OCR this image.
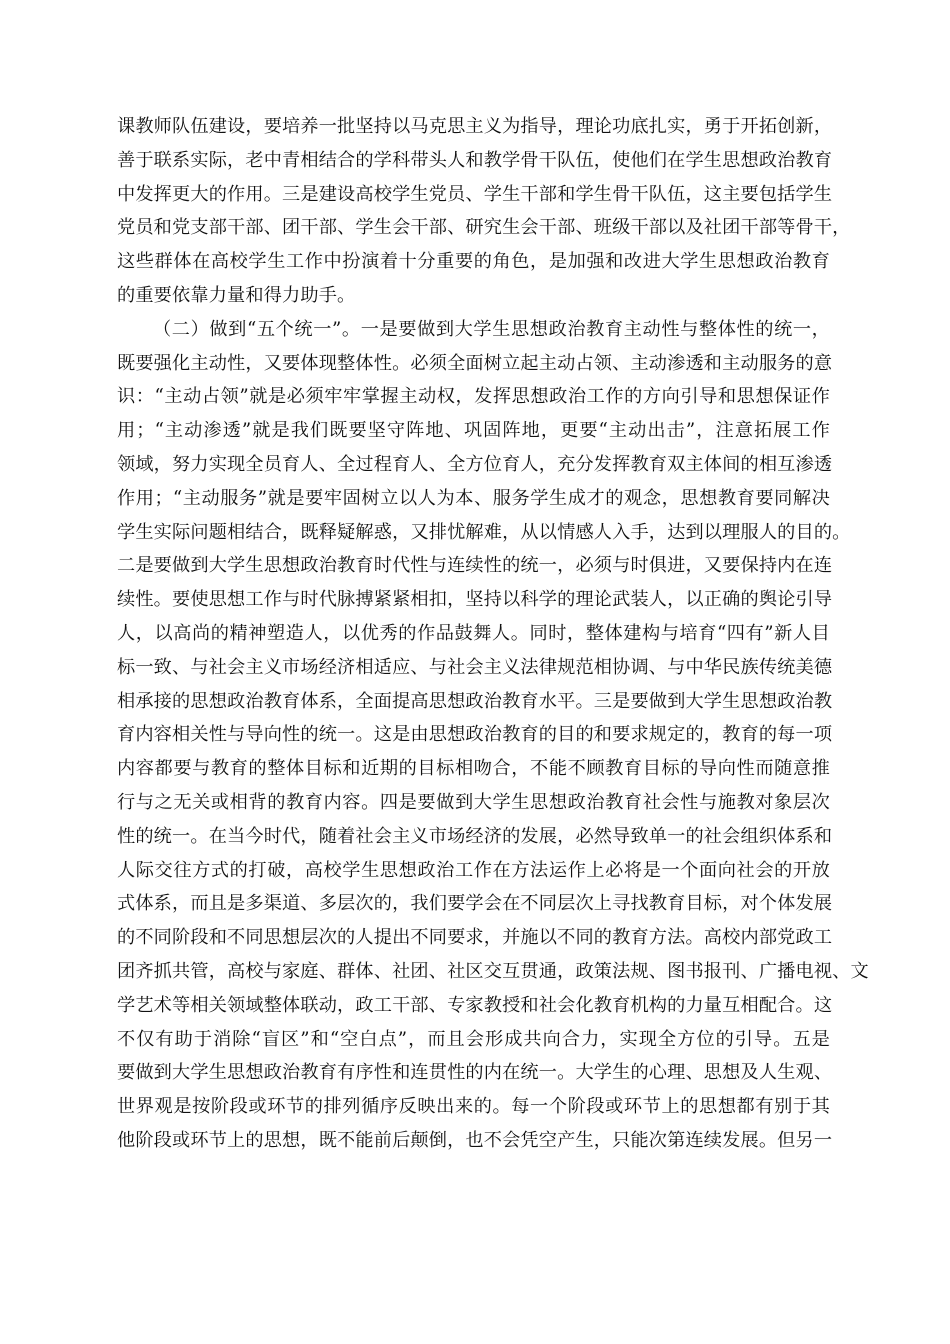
课教师队伍建设，要培养一批坚持以马克思主义为指导，理论功底扎实，勇于开拓创新，
善于联系实际，老中青相结合的学科带头人和教学骨干队伍，使他们在学生思想政治教育
中发挥更大的作用。三是建设高校学生党员、学生干部和学生骨干队伍，这主要包括学生
党员和党支部干部、团干部、学生会干部、研究生会干部、班级干部以及社团干部等骨干，
这些群体在高校学生工作中扮演着十分重要的角色，是加强和改进大学生思想政治教育
的重要依靠力量和得力助手。
（二）做到“五个统一”。一是要做到大学生思想政治教育主动性与整体性的统一，
既要强化主动性，又要体现整体性。必须全面树立起主动占领、主动渗透和主动服务的意
识：“主动占领”就是必须牢牢掌握主动权，发挥思想政治工作的方向引导和思想保证作
用；“主动渗透”就是我们既要坚守阵地、巩固阵地，更要“主动出击”，注意拓展工作
领域，努力实现全员育人、全过程育人、全方位育人，充分发挥教育双主体间的相互渗透
作用；“主动服务”就是要牢固树立以人为本、服务学生成才的观念，思想教育要同解决
学生实际问题相结合，既释疑解惑，又排忧解难，从以情感人入手，达到以理服人的目的。
二是要做到大学生思想政治教育时代性与连续性的统一，必须与时俱进，又要保持内在连
续性。要使思想工作与时代脉搏紧紧相扣，坚持以科学的理论武装人，以正确的舆论引导
人，以高尚的精神塑造人，以优秀的作品鼓舞人。同时，整体建构与培育“四有”新人目
标一致、与社会主义市场经济相适应、与社会主义法律规范相协调、与中华民族传统美德
相承接的思想政治教育体系，全面提高思想政治教育水平。三是要做到大学生思想政治教
育内容相关性与导向性的统一。这是由思想政治教育的目的和要求规定的，教育的每一项
内容都要与教育的整体目标和近期的目标相吻合，不能不顾教育目标的导向性而随意推
行与之无关或相背的教育内容。四是要做到大学生思想政治教育社会性与施教对象层次
性的统一。在当今时代，随着社会主义市场经济的发展，必然导致单一的社会组织体系和
人际交往方式的打破，高校学生思想政治工作在方法运作上必将是一个面向社会的开放
式体系，而且是多渠道、多层次的，我们要学会在不同层次上寻找教育目标，对个体发展
的不同阶段和不同思想层次的人提出不同要求，并施以不同的教育方法。高校内部党政工
团齐抓共管，高校与家庭、群体、社团、社区交互贯通，政策法规、图书报刊、广播电视、文
学艺术等相关领域整体联动，政工干部、专家教授和社会化教育机构的力量互相配合。这
不仅有助于消除“盲区”和“空白点”，而且会形成共向合力，实现全方位的引导。五是
要做到大学生思想政治教育有序性和连贯性的内在统一。大学生的心理、思想及人生观、
世界观是按阶段或环节的排列循序反映出来的。每一个阶段或环节上的思想都有别于其
他阶段或环节上的思想，既不能前后颠倒，也不会凭空产生，只能次第连续发展。但另一
